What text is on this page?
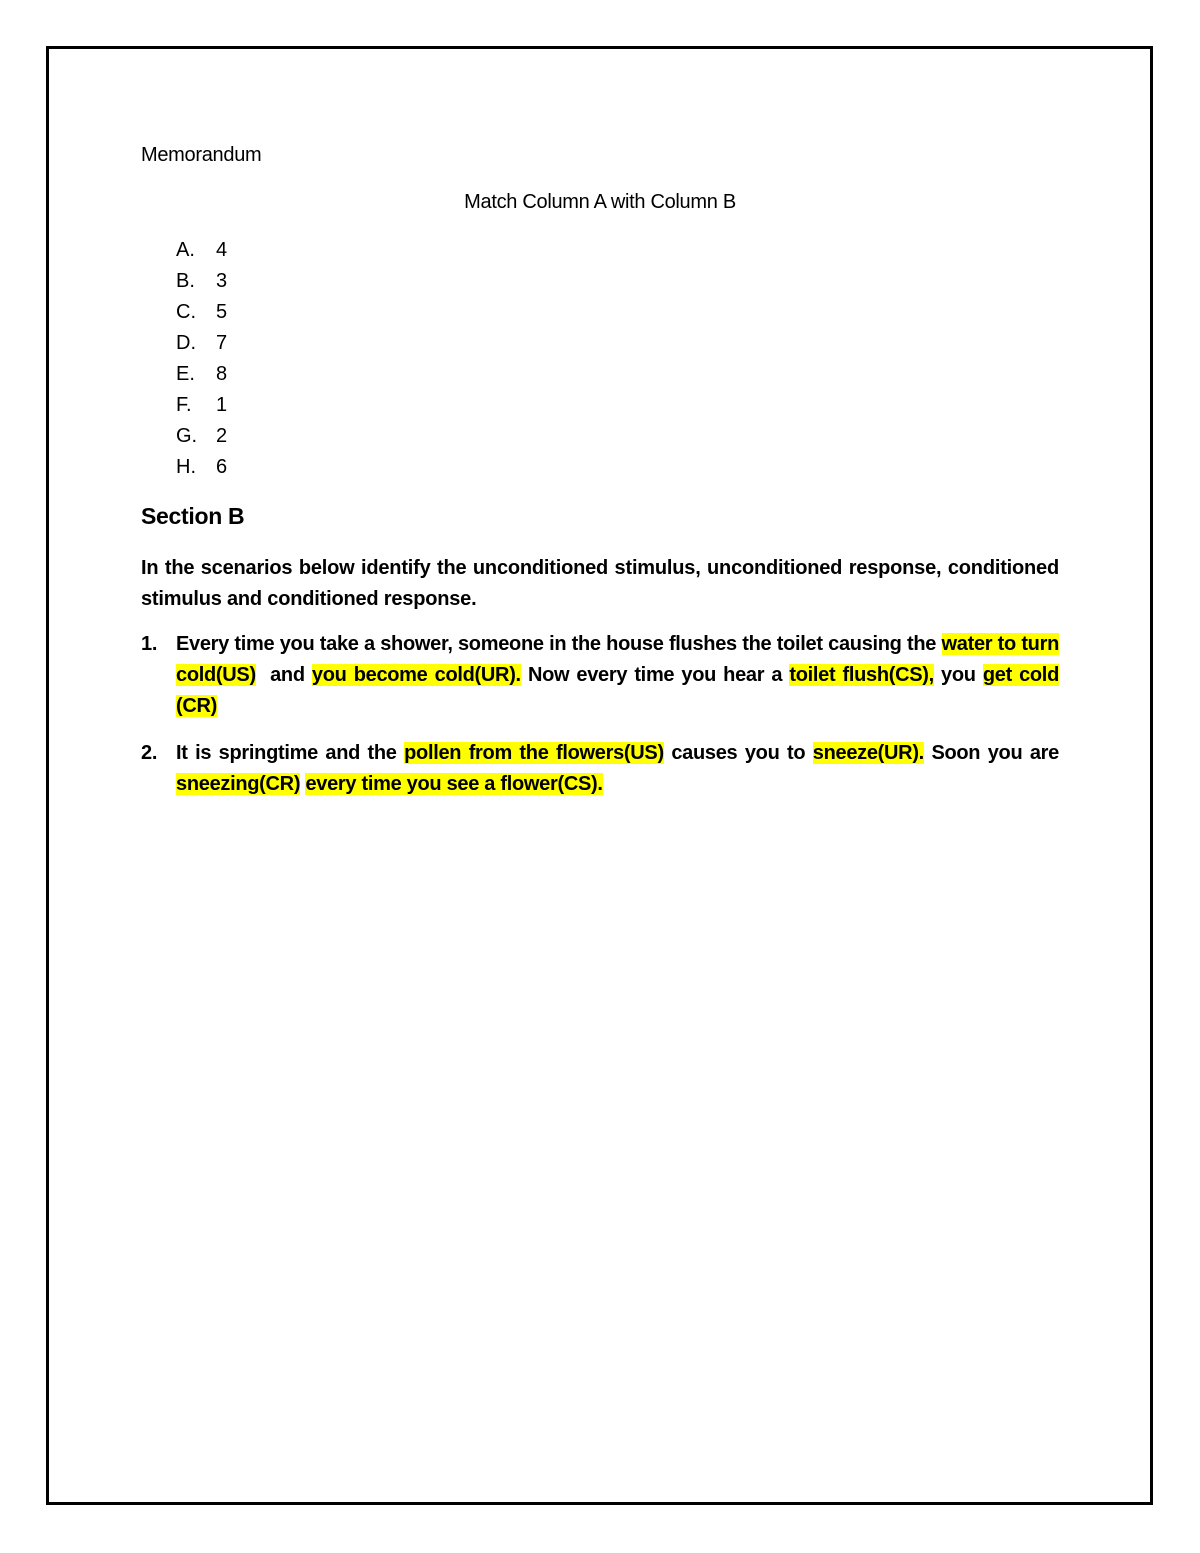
Memorandum
Match Column A with Column B
A.	4
B.	3
C.	5
D.	7
E.	8
F.	1
G. 2
H.	6
Section B
In the scenarios below identify the unconditioned stimulus, unconditioned response, conditioned stimulus and conditioned response.
1. Every time you take a shower, someone in the house flushes the toilet causing the water to turn cold(US)  and you become cold(UR). Now every time you hear a toilet flush(CS), you get cold (CR)
2. It is springtime and the pollen from the flowers(US) causes you to sneeze(UR). Soon you are sneezing(CR) every time you see a flower(CS).
